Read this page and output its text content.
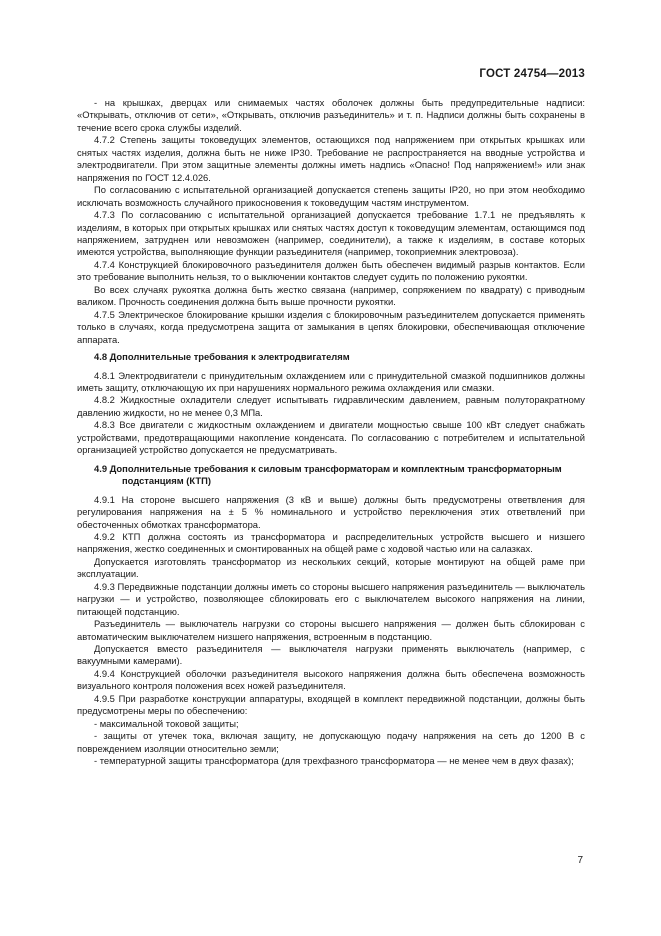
ГОСТ 24754—2013

- на крышках, дверцах или снимаемых частях оболочек должны быть предупредительные надписи: «Открывать, отключив от сети», «Открывать, отключив разъединитель» и т. п. Надписи должны быть сохранены в течение всего срока службы изделий.

4.7.2 Степень защиты токоведущих элементов, остающихся под напряжением при открытых крышках или снятых частях изделия, должна быть не ниже IP30. Требование не распространяется на вводные устройства и электродвигатели. При этом защитные элементы должны иметь надпись «Опасно! Под напряжением!» или знак напряжения по ГОСТ 12.4.026.

По согласованию с испытательной организацией допускается степень защиты IP20, но при этом необходимо исключать возможность случайного прикосновения к токоведущим частям инструментом.

4.7.3 По согласованию с испытательной организацией допускается требование 1.7.1 не предъявлять к изделиям, в которых при открытых крышках или снятых частях доступ к токоведущим элементам, остающимся под напряжением, затруднен или невозможен (например, соединители), а также к изделиям, в составе которых имеются устройства, выполняющие функции разъединителя (например, токоприемник электровоза).

4.7.4 Конструкцией блокировочного разъединителя должен быть обеспечен видимый разрыв контактов. Если это требование выполнить нельзя, то о выключении контактов следует судить по положению рукоятки.

Во всех случаях рукоятка должна быть жестко связана (например, сопряжением по квадрату) с приводным валиком. Прочность соединения должна быть выше прочности рукоятки.

4.7.5 Электрическое блокирование крышки изделия с блокировочным разъединителем допускается применять только в случаях, когда предусмотрена защита от замыкания в цепях блокировки, обеспечивающая отключение аппарата.

4.8 Дополнительные требования к электродвигателям

4.8.1 Электродвигатели с принудительным охлаждением или с принудительной смазкой подшипников должны иметь защиту, отключающую их при нарушениях нормального режима охлаждения или смазки.

4.8.2 Жидкостные охладители следует испытывать гидравлическим давлением, равным полуторакратному давлению жидкости, но не менее 0,3 МПа.

4.8.3 Все двигатели с жидкостным охлаждением и двигатели мощностью свыше 100 кВт следует снабжать устройствами, предотвращающими накопление конденсата. По согласованию с потребителем и испытательной организацией устройство допускается не предусматривать.

4.9 Дополнительные требования к силовым трансформаторам и комплектным трансформаторным подстанциям (КТП)

4.9.1 На стороне высшего напряжения (3 кВ и выше) должны быть предусмотрены ответвления для регулирования напряжения на ± 5 % номинального и устройство переключения этих ответвлений при обесточенных обмотках трансформатора.

4.9.2 КТП должна состоять из трансформатора и распределительных устройств высшего и низшего напряжения, жестко соединенных и смонтированных на общей раме с ходовой частью или на салазках.

Допускается изготовлять трансформатор из нескольких секций, которые монтируют на общей раме при эксплуатации.

4.9.3 Передвижные подстанции должны иметь со стороны высшего напряжения разъединитель — выключатель нагрузки — и устройство, позволяющее сблокировать его с выключателем высокого напряжения на линии, питающей подстанцию.

Разъединитель — выключатель нагрузки со стороны высшего напряжения — должен быть сблокирован с автоматическим выключателем низшего напряжения, встроенным в подстанцию.

Допускается вместо разъединителя — выключателя нагрузки применять выключатель (например, с вакуумными камерами).

4.9.4 Конструкцией оболочки разъединителя высокого напряжения должна быть обеспечена возможность визуального контроля положения всех ножей разъединителя.

4.9.5 При разработке конструкции аппаратуры, входящей в комплект передвижной подстанции, должны быть предусмотрены меры по обеспечению:

- максимальной токовой защиты;

- защиты от утечек тока, включая защиту, не допускающую подачу напряжения на сеть до 1200 В с повреждением изоляции относительно земли;

- температурной защиты трансформатора (для трехфазного трансформатора — не менее чем в двух фазах);

7
